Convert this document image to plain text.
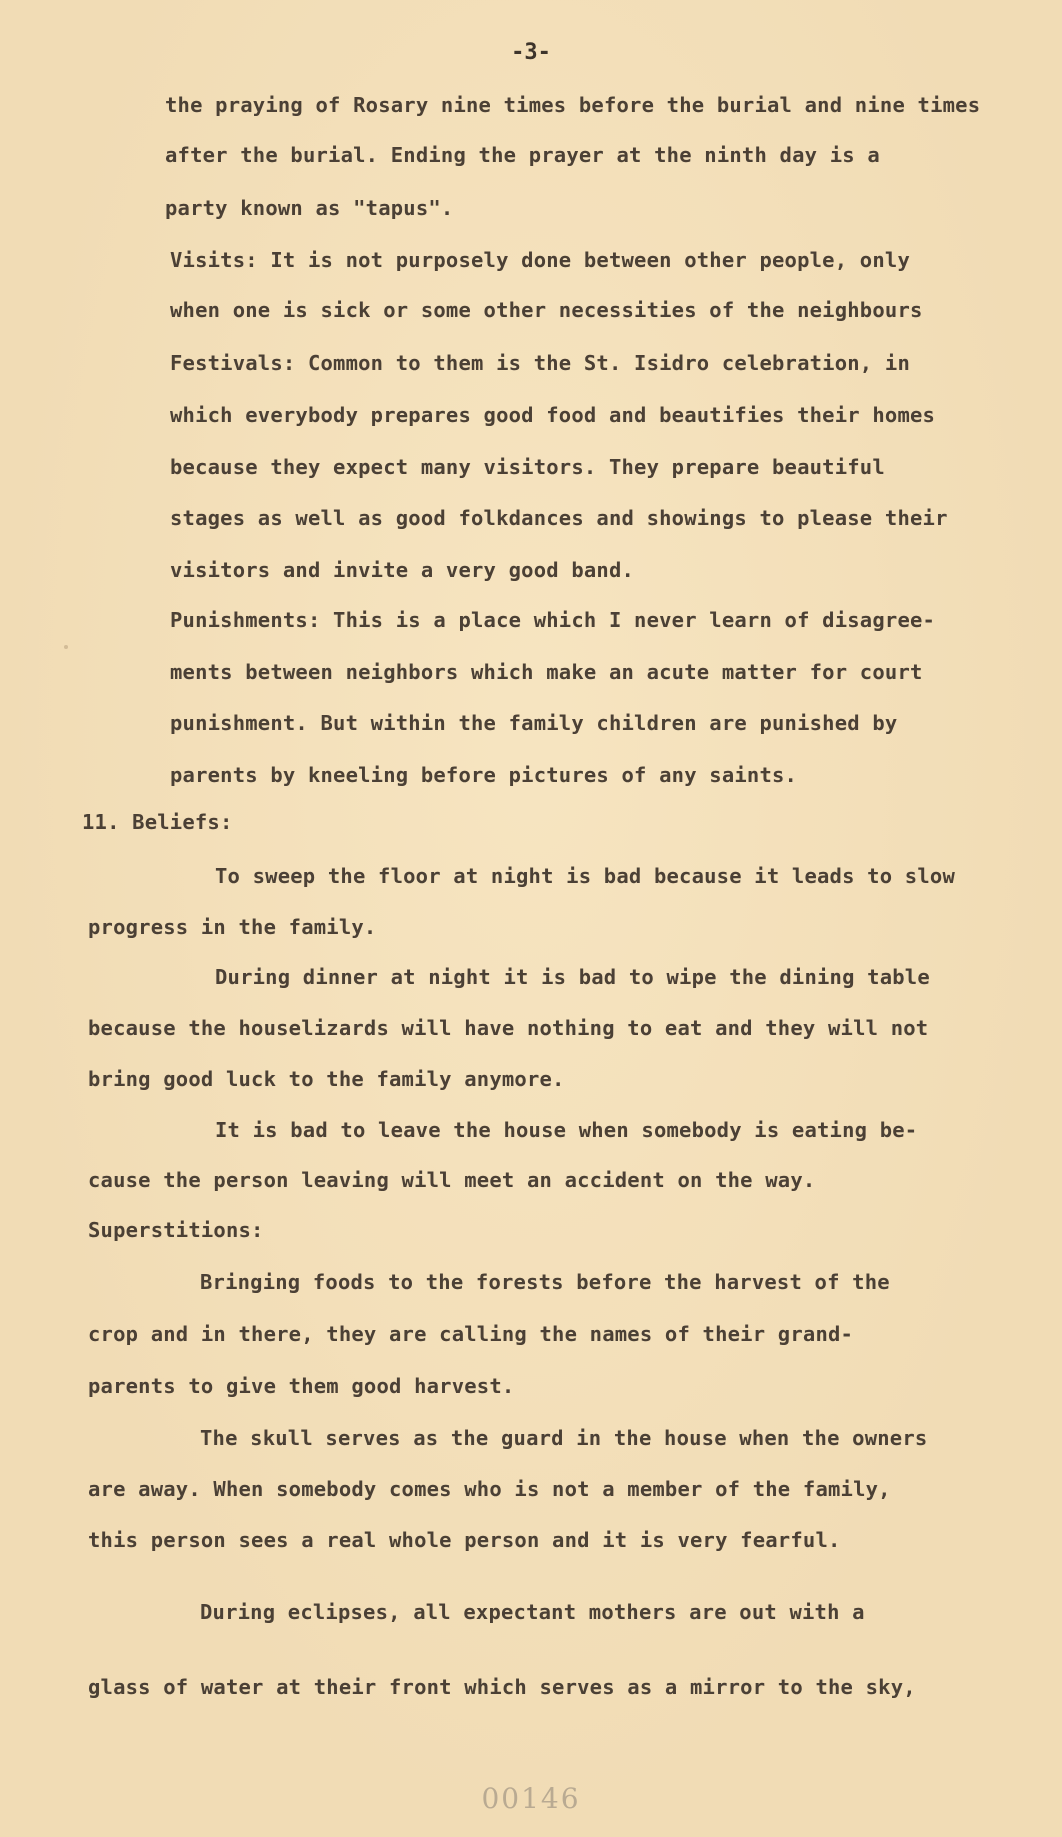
-3-
the praying of Rosary nine times before the burial and nine times
after the burial. Ending the prayer at the ninth day is a
party known as "tapus".
Visits: It is not purposely done between other people, only
when one is sick or some other necessities of the neighbours
Festivals: Common to them is the St. Isidro celebration, in
which everybody prepares good food and beautifies their homes
because they expect many visitors. They prepare beautiful
stages as well as good folkdances and showings to please their
visitors and invite a very good band.
Punishments: This is a place which I never learn of disagree-
ments between neighbors which make an acute matter for court
punishment. But within the family children are punished by
parents by kneeling before pictures of any saints.
11. Beliefs:
To sweep the floor at night is bad because it leads to slow
progress in the family.
During dinner at night it is bad to wipe the dining table
because the houselizards will have nothing to eat and they will not
bring good luck to the family anymore.
It is bad to leave the house when somebody is eating be-
cause the person leaving will meet an accident on the way.
Superstitions:
Bringing foods to the forests before the harvest of the
crop and in there, they are calling the names of their grand-
parents to give them good harvest.
The skull serves as the guard in the house when the owners
are away. When somebody comes who is not a member of the family,
this person sees a real whole person and it is very fearful.
During eclipses, all expectant mothers are out with a
glass of water at their front which serves as a mirror to the sky,
00146
